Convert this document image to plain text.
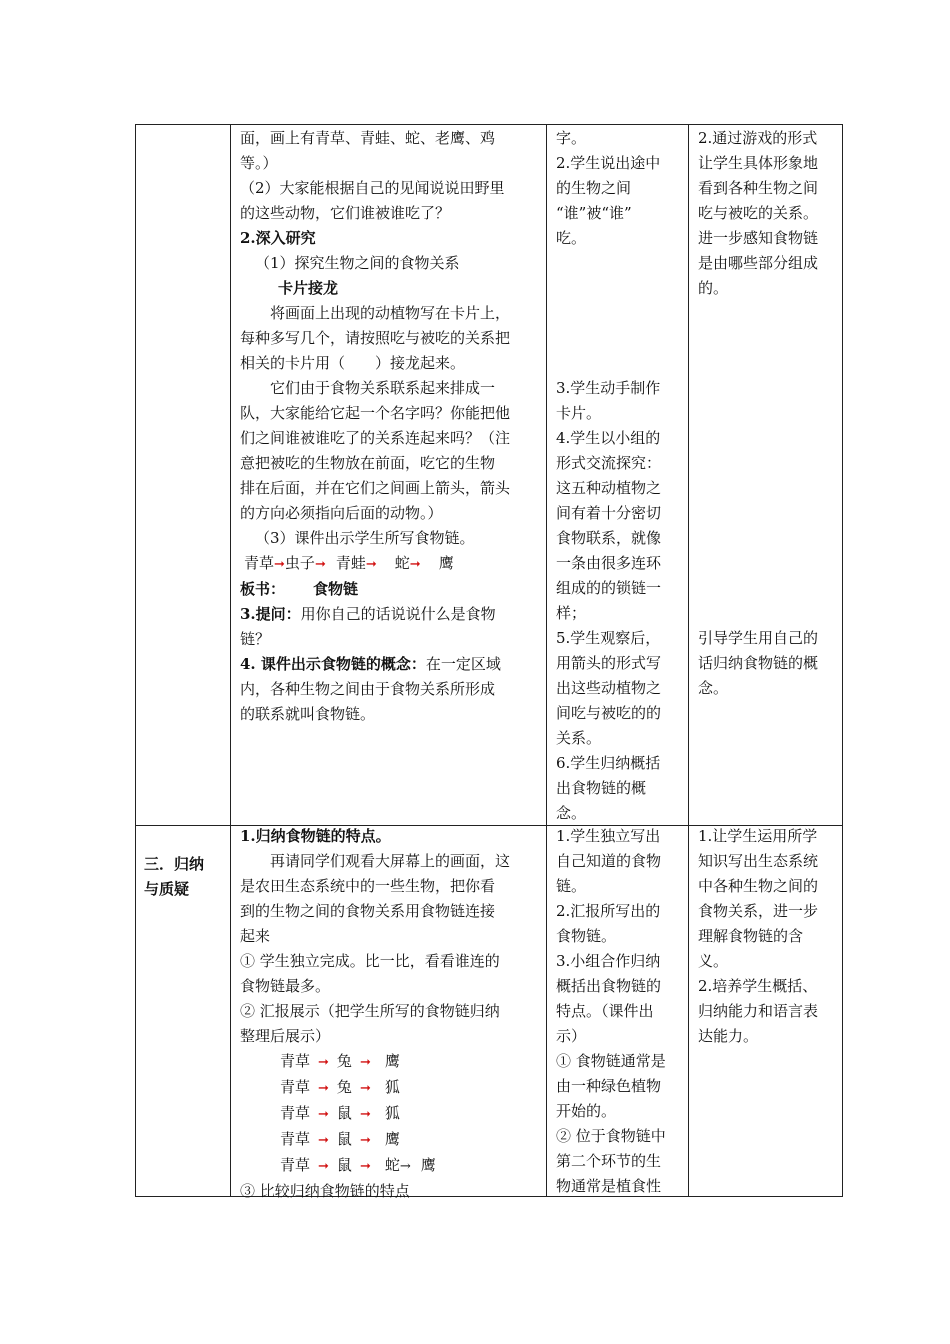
面，画上有青草、青蛙、蛇、老鹰、鸡

等。）

（2）大家能根据自己的见闻说说田野里

的这些动物，它们谁被谁吃了？

2.深入研究

（1）探究生物之间的食物关系

卡片接龙

将画面上出现的动植物写在卡片上，

每种多写几个，请按照吃与被吃的关系把

相关的卡片用（　　）接龙起来。

它们由于食物关系联系起来排成一

队，大家能给它起一个名字吗？你能把他

们之间谁被谁吃了的关系连起来吗？（注

意把被吃的生物放在前面，吃它的生物

排在后面，并在它们之间画上箭头，箭头

的方向必须指向后面的动物。）

（3）课件出示学生所写食物链。

青草➞虫子➞ 青蛙➞ 蛇➞ 鹰

板书： 食物链

3.提问：用你自己的话说说什么是食物

链？

4. 课件出示食物链的概念：在一定区域

内，各种生物之间由于食物关系所形成

的联系就叫食物链。

字。

2.学生说出途中

的生物之间

“谁”被“谁”

吃。

3.学生动手制作

卡片。

4.学生以小组的

形式交流探究：

这五种动植物之

间有着十分密切

食物联系，就像

一条由很多连环

组成的的锁链一

样；

5.学生观察后，

用箭头的形式写

出这些动植物之

间吃与被吃的的

关系。

6.学生归纳概括

出食物链的概

念。

2.通过游戏的形式

让学生具体形象地

看到各种生物之间

吃与被吃的关系。

进一步感知食物链

是由哪些部分组成

的。

引导学生用自己的

话归纳食物链的概

念。

三．归纳

与质疑

1.归纳食物链的特点。

再请同学们观看大屏幕上的画面，这

是农田生态系统中的一些生物，把你看

到的生物之间的食物关系用食物链连接

起来

① 学生独立完成。比一比，看看谁连的

食物链最多。

② 汇报展示（把学生所写的食物链归纳

整理后展示）

青草 ➞ 兔 ➞ 鹰

青草 ➞ 兔 ➞ 狐

青草 ➞ 鼠 ➞ 狐

青草 ➞ 鼠 ➞ 鹰

青草 ➞ 鼠 ➞ 蛇→ 鹰

③ 比较归纳食物链的特点

1.学生独立写出

自己知道的食物

链。

2.汇报所写出的

食物链。

3.小组合作归纳

概括出食物链的

特点。（课件出

示）

① 食物链通常是

由一种绿色植物

开始的。

② 位于食物链中

第二个环节的生

物通常是植食性

1.让学生运用所学

知识写出生态系统

中各种生物之间的

食物关系，进一步

理解食物链的含

义。

2.培养学生概括、

归纳能力和语言表

达能力。
